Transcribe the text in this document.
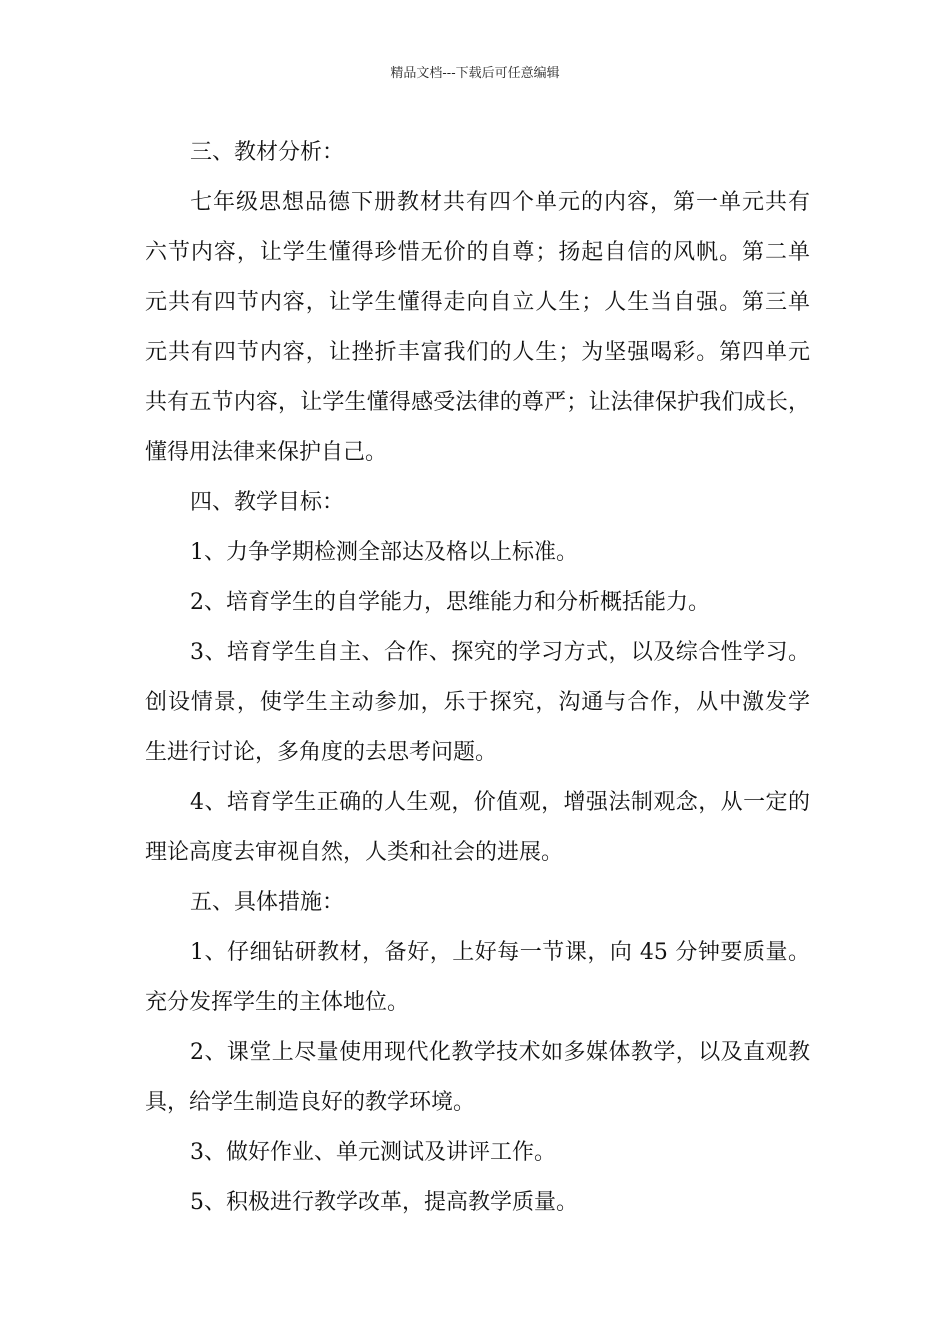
精品文档---下载后可任意编辑
三、教材分析：
七年级思想品德下册教材共有四个单元的内容，第一单元共有
六节内容，让学生懂得珍惜无价的自尊；扬起自信的风帆。第二单
元共有四节内容，让学生懂得走向自立人生；人生当自强。第三单
元共有四节内容，让挫折丰富我们的人生；为坚强喝彩。第四单元
共有五节内容，让学生懂得感受法律的尊严；让法律保护我们成长，
懂得用法律来保护自己。
四、教学目标：
1、力争学期检测全部达及格以上标准。
2、培育学生的自学能力，思维能力和分析概括能力。
3、培育学生自主、合作、探究的学习方式，以及综合性学习。
创设情景，使学生主动参加，乐于探究，沟通与合作，从中激发学
生进行讨论，多角度的去思考问题。
4、培育学生正确的人生观，价值观，增强法制观念，从一定的
理论高度去审视自然，人类和社会的进展。
五、具体措施：
1、仔细钻研教材，备好，上好每一节课，向 45 分钟要质量。
充分发挥学生的主体地位。
2、课堂上尽量使用现代化教学技术如多媒体教学，以及直观教
具，给学生制造良好的教学环境。
3、做好作业、单元测试及讲评工作。
5、积极进行教学改革，提高教学质量。
